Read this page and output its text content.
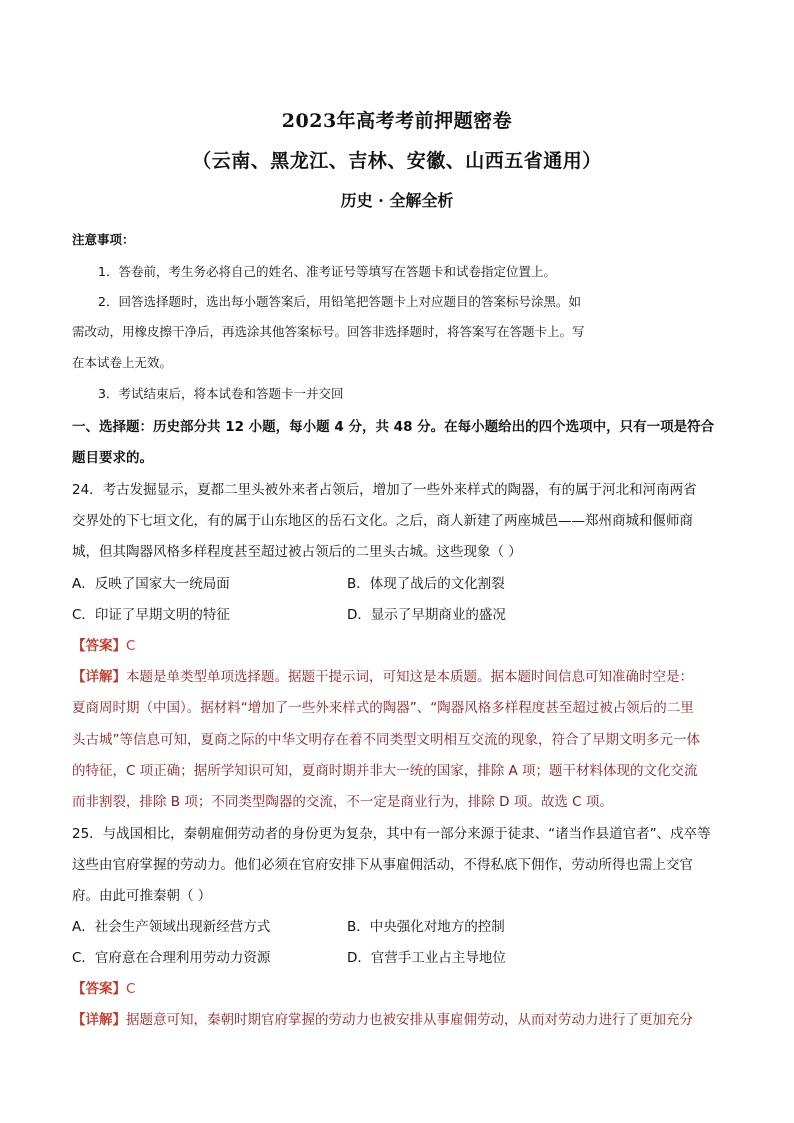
2023年高考考前押题密卷
（云南、黑龙江、吉林、安徽、山西五省通用）
历史 · 全解全析
注意事项：
1．答卷前，考生务必将自己的姓名、准考证号等填写在答题卡和试卷指定位置上。
2．回答选择题时，选出每小题答案后，用铅笔把答题卡上对应题目的答案标号涂黑。如
需改动，用橡皮擦干净后，再选涂其他答案标号。回答非选择题时，将答案写在答题卡上。写
在本试卷上无效。
3．考试结束后，将本试卷和答题卡一并交回
一、选择题：历史部分共 12 小题，每小题 4 分，共 48 分。在每小题给出的四个选项中，只有一项是符合
题目要求的。
24．考古发掘显示，夏都二里头被外来者占领后，增加了一些外来样式的陶器，有的属于河北和河南两省
交界处的下七垣文化，有的属于山东地区的岳石文化。之后，商人新建了两座城邑——郑州商城和偃师商
城，但其陶器风格多样程度甚至超过被占领后的二里头古城。这些现象（ ）
A．反映了国家大一统局面	B．体现了战后的文化割裂
C．印证了早期文明的特征	D．显示了早期商业的盛况
【答案】C
【详解】本题是单类型单项选择题。据题干提示词，可知这是本质题。据本题时间信息可知准确时空是：
夏商周时期（中国）。据材料“增加了一些外来样式的陶器”、“陶器风格多样程度甚至超过被占领后的二里
头古城”等信息可知，夏商之际的中华文明存在着不同类型文明相互交流的现象，符合了早期文明多元一体
的特征，C 项正确；据所学知识可知，夏商时期并非大一统的国家，排除 A 项；题干材料体现的文化交流
而非割裂，排除 B 项；不同类型陶器的交流，不一定是商业行为，排除 D 项。故选 C 项。
25．与战国相比，秦朝雇佣劳动者的身份更为复杂，其中有一部分来源于徒隶、“诸当作县道官者”、戍卒等
这些由官府掌握的劳动力。他们必须在官府安排下从事雇佣活动，不得私底下佣作，劳动所得也需上交官
府。由此可推秦朝（ ）
A．社会生产领域出现新经营方式	B．中央强化对地方的控制
C．官府意在合理利用劳动力资源	D．官营手工业占主导地位
【答案】C
【详解】据题意可知，秦朝时期官府掌握的劳动力也被安排从事雇佣劳动，从而对劳动力进行了更加充分
